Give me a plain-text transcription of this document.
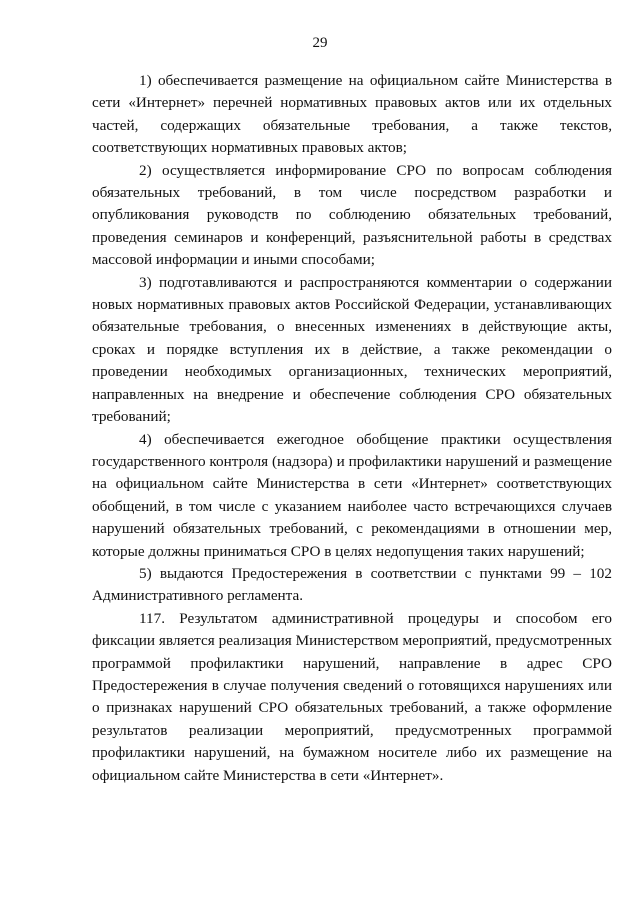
29

1) обеспечивается размещение на официальном сайте Министерства в сети «Интернет» перечней нормативных правовых актов или их отдельных частей, содержащих обязательные требования, а также текстов, соответствующих нормативных правовых актов;

2) осуществляется информирование СРО по вопросам соблюдения обязательных требований, в том числе посредством разработки и опубликования руководств по соблюдению обязательных требований, проведения семинаров и конференций, разъяснительной работы в средствах массовой информации и иными способами;

3) подготавливаются и распространяются комментарии о содержании новых нормативных правовых актов Российской Федерации, устанавливающих обязательные требования, о внесенных изменениях в действующие акты, сроках и порядке вступления их в действие, а также рекомендации о проведении необходимых организационных, технических мероприятий, направленных на внедрение и обеспечение соблюдения СРО обязательных требований;

4) обеспечивается ежегодное обобщение практики осуществления государственного контроля (надзора) и профилактики нарушений и размещение на официальном сайте Министерства в сети «Интернет» соответствующих обобщений, в том числе с указанием наиболее часто встречающихся случаев нарушений обязательных требований, с рекомендациями в отношении мер, которые должны приниматься СРО в целях недопущения таких нарушений;

5) выдаются Предостережения в соответствии с пунктами 99 – 102 Административного регламента.

117. Результатом административной процедуры и способом его фиксации является реализация Министерством мероприятий, предусмотренных программой профилактики нарушений, направление в адрес СРО Предостережения в случае получения сведений о готовящихся нарушениях или о признаках нарушений СРО обязательных требований, а также оформление результатов реализации мероприятий, предусмотренных программой профилактики нарушений, на бумажном носителе либо их размещение на официальном сайте Министерства в сети «Интернет».
